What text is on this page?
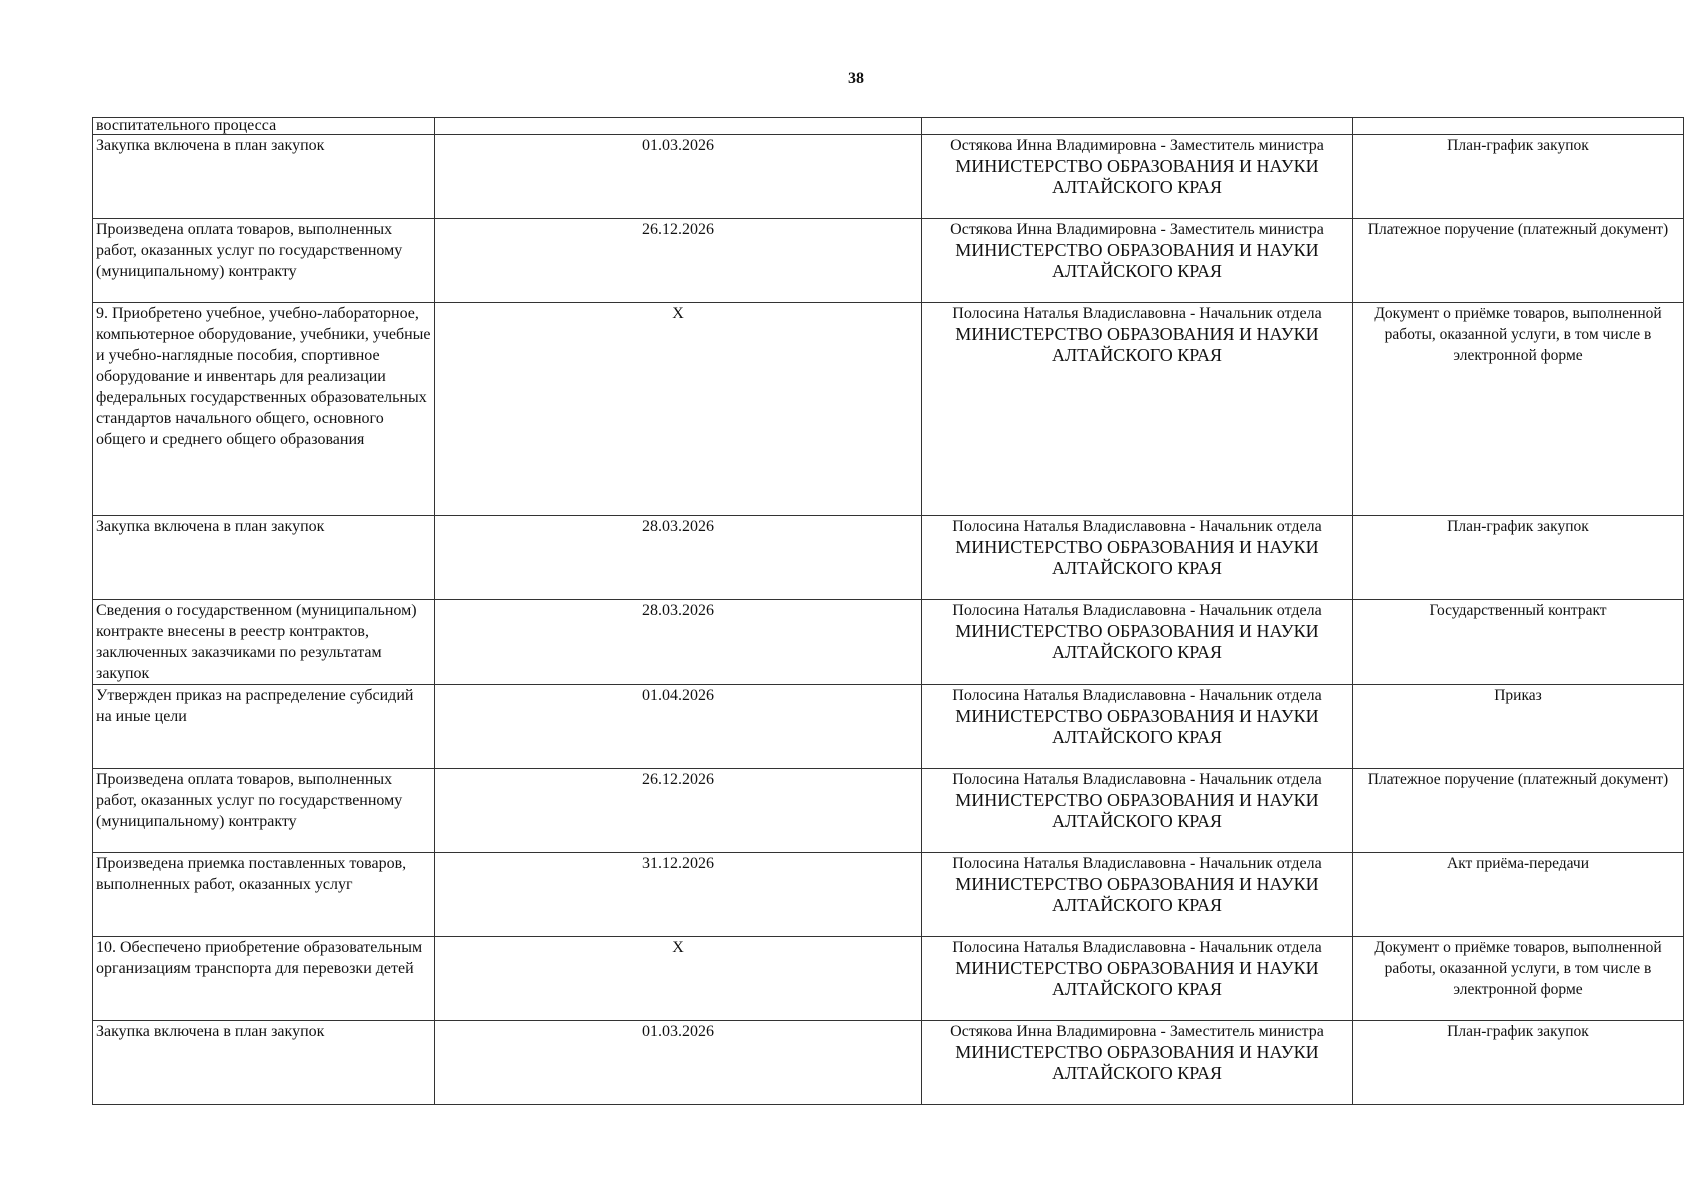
38
воспитательного процесса		

Закупка включена в план закупок	01.03.2026	Остякова Инна Владимировна - Заместитель министра
МИНИСТЕРСТВО ОБРАЗОВАНИЯ И НАУКИ АЛТАЙСКОГО КРАЯ	План-график закупок

Произведена оплата товаров, выполненных работ, оказанных услуг по государственному (муниципальному) контракту	26.12.2026	Остякова Инна Владимировна - Заместитель министра
МИНИСТЕРСТВО ОБРАЗОВАНИЯ И НАУКИ АЛТАЙСКОГО КРАЯ	Платежное поручение (платежный документ)

9. Приобретено учебное, учебно-лабораторное, компьютерное оборудование, учебники, учебные и учебно-наглядные пособия, спортивное оборудование и инвентарь для реализации федеральных государственных образовательных стандартов начального общего, основного общего и среднего общего образования	X	Полосина Наталья Владиславовна - Начальник отдела
МИНИСТЕРСТВО ОБРАЗОВАНИЯ И НАУКИ АЛТАЙСКОГО КРАЯ	Документ о приёмке товаров, выполненной работы, оказанной услуги, в том числе в электронной форме

Закупка включена в план закупок	28.03.2026	Полосина Наталья Владиславовна - Начальник отдела
МИНИСТЕРСТВО ОБРАЗОВАНИЯ И НАУКИ АЛТАЙСКОГО КРАЯ	План-график закупок

Сведения о государственном (муниципальном) контракте внесены в реестр контрактов, заключенных заказчиками по результатам закупок	28.03.2026	Полосина Наталья Владиславовна - Начальник отдела
МИНИСТЕРСТВО ОБРАЗОВАНИЯ И НАУКИ АЛТАЙСКОГО КРАЯ	Государственный контракт

Утвержден приказ на распределение субсидий на иные цели	01.04.2026	Полосина Наталья Владиславовна - Начальник отдела
МИНИСТЕРСТВО ОБРАЗОВАНИЯ И НАУКИ АЛТАЙСКОГО КРАЯ	Приказ

Произведена оплата товаров, выполненных работ, оказанных услуг по государственному (муниципальному) контракту	26.12.2026	Полосина Наталья Владиславовна - Начальник отдела
МИНИСТЕРСТВО ОБРАЗОВАНИЯ И НАУКИ АЛТАЙСКОГО КРАЯ	Платежное поручение (платежный документ)

Произведена приемка поставленных товаров, выполненных работ, оказанных услуг	31.12.2026	Полосина Наталья Владиславовна - Начальник отдела
МИНИСТЕРСТВО ОБРАЗОВАНИЯ И НАУКИ АЛТАЙСКОГО КРАЯ	Акт приёма-передачи

10. Обеспечено приобретение образовательным организациям транспорта для перевозки детей	X	Полосина Наталья Владиславовна - Начальник отдела
МИНИСТЕРСТВО ОБРАЗОВАНИЯ И НАУКИ АЛТАЙСКОГО КРАЯ	Документ о приёмке товаров, выполненной работы, оказанной услуги, в том числе в электронной форме

Закупка включена в план закупок	01.03.2026	Остякова Инна Владимировна - Заместитель министра
МИНИСТЕРСТВО ОБРАЗОВАНИЯ И НАУКИ АЛТАЙСКОГО КРАЯ	План-график закупок
